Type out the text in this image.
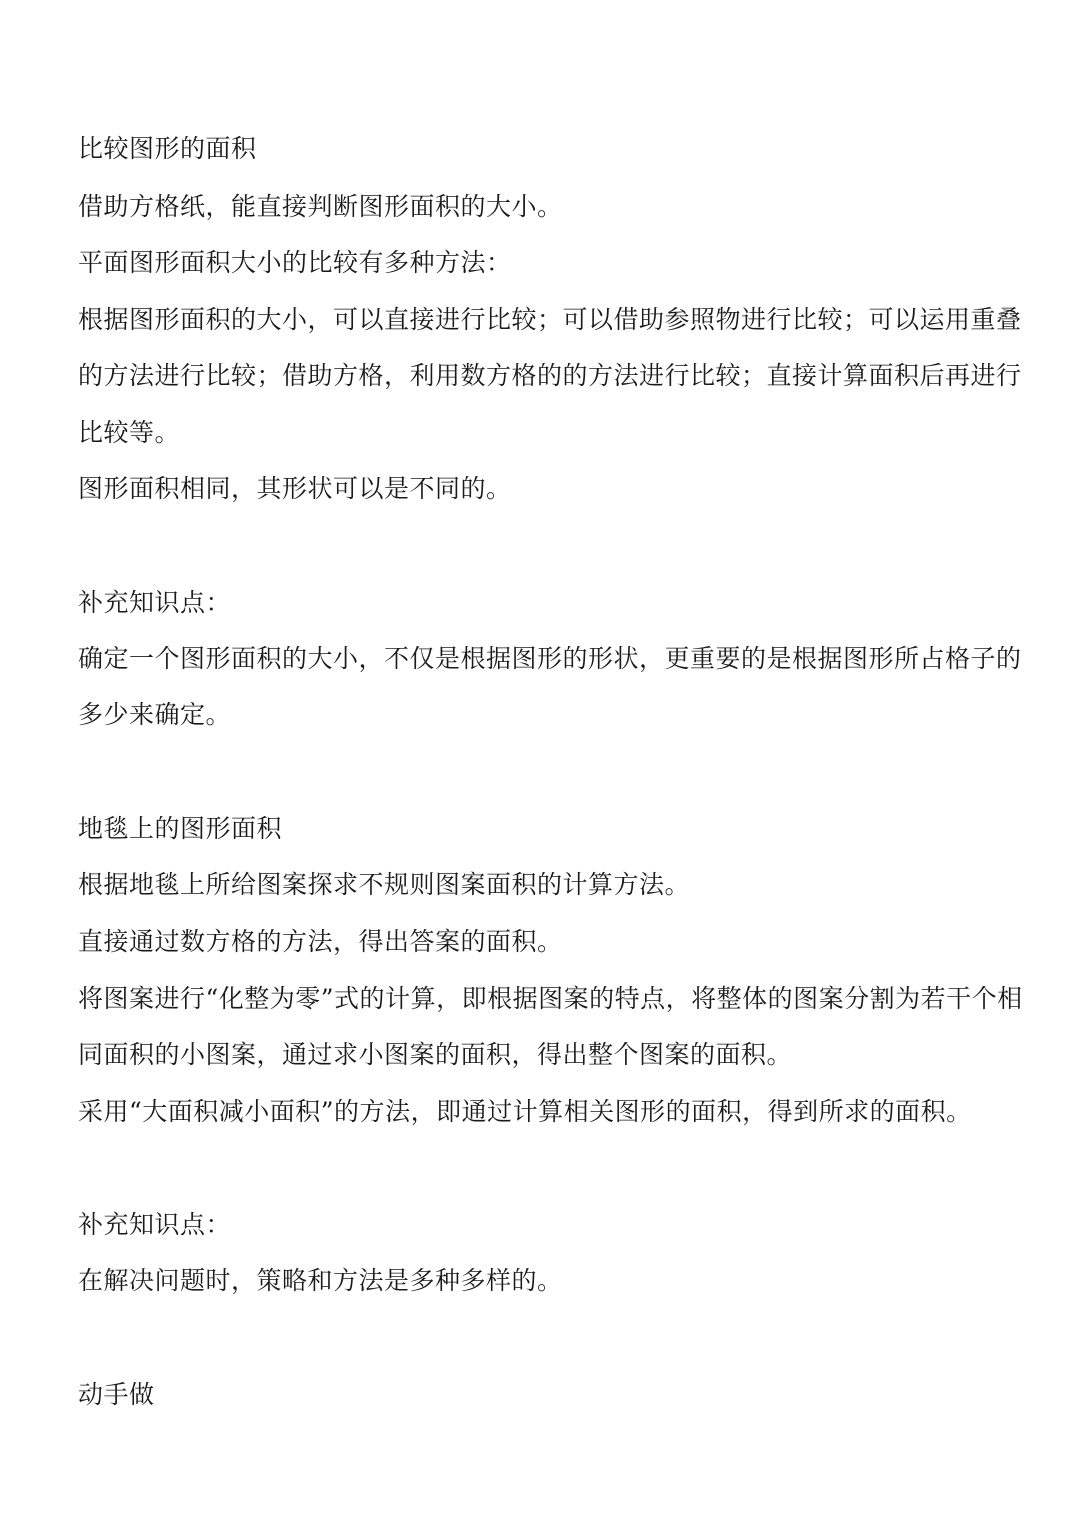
比较图形的面积
借助方格纸，能直接判断图形面积的大小。
平面图形面积大小的比较有多种方法：
根据图形面积的大小，可以直接进行比较；可以借助参照物进行比较；可以运用重叠
的方法进行比较；借助方格，利用数方格的的方法进行比较；直接计算面积后再进行
比较等。
图形面积相同，其形状可以是不同的。
补充知识点：
确定一个图形面积的大小，不仅是根据图形的形状，更重要的是根据图形所占格子的
多少来确定。
地毯上的图形面积
根据地毯上所给图案探求不规则图案面积的计算方法。
直接通过数方格的方法，得出答案的面积。
将图案进行“化整为零”式的计算，即根据图案的特点，将整体的图案分割为若干个相
同面积的小图案，通过求小图案的面积，得出整个图案的面积。
采用“大面积减小面积”的方法，即通过计算相关图形的面积，得到所求的面积。
补充知识点：
在解决问题时，策略和方法是多种多样的。
动手做
